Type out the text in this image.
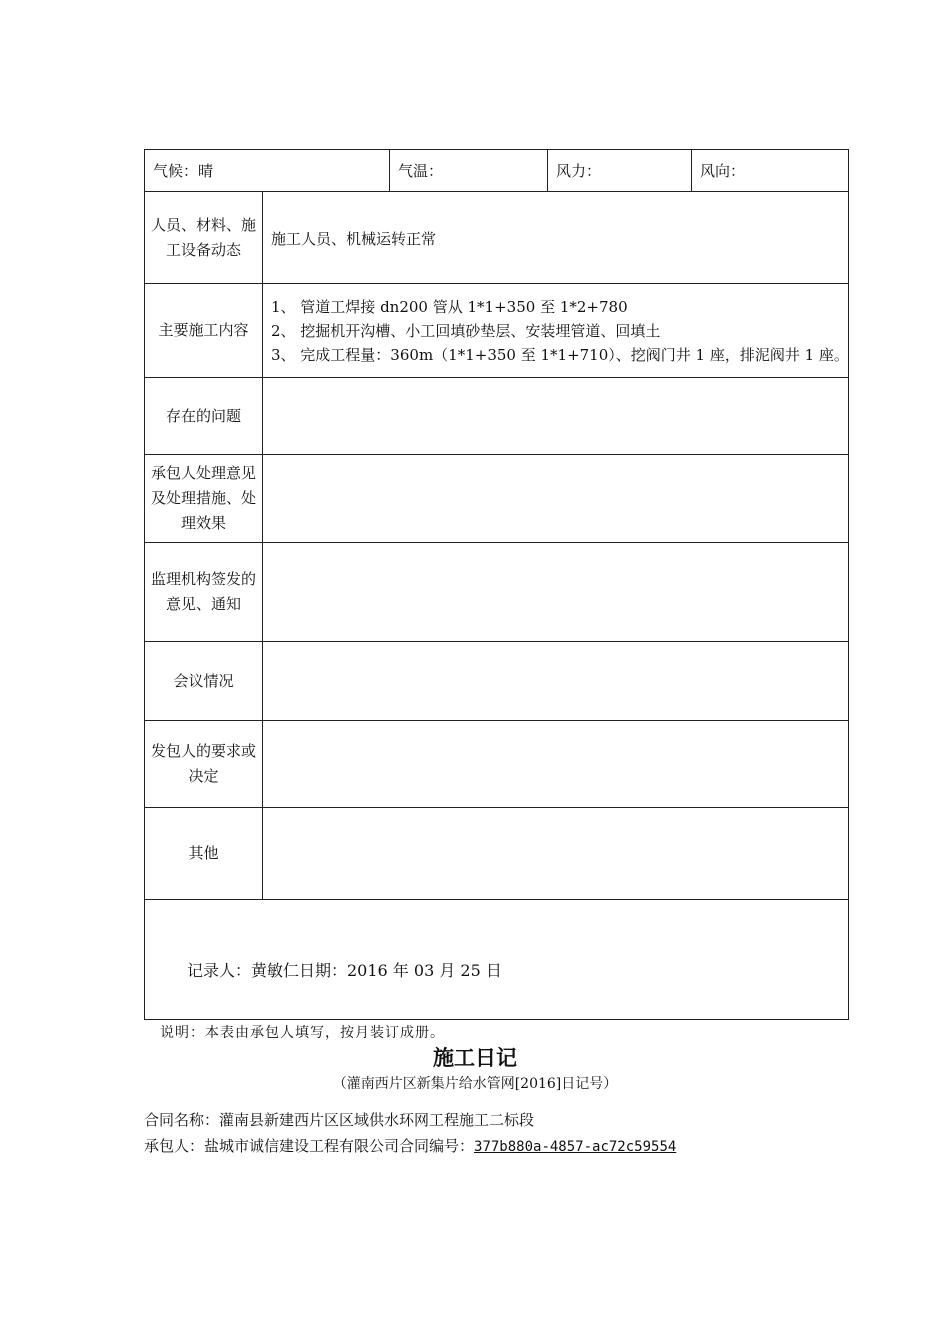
气候：晴		气温：	风力：	风向：
人员、材料、施工设备动态	施工人员、机械运转正常			
主要施工内容	1、 管道工焊接 dn200 管从 1*1+350 至 1*2+780
2、 挖掘机开沟槽、小工回填砂垫层、安装埋管道、回填土
3、 完成工程量：360m（1*1+350 至 1*1+710）、挖阀门井 1 座，排泥阀井 1 座。			

存在的问题				
承包人处理意见及处理措施、处理效果				
监理机构签发的意见、通知				
会议情况				
发包人的要求或决定				
其他				

记录人：黄敏仁日期：2016 年 03 月 25 日				
说明：本表由承包人填写，按月装订成册。
施工日记
（灌南西片区新集片给水管网[2016]日记号）
合同名称：灌南县新建西片区区域供水环网工程施工二标段
承包人：盐城市诚信建设工程有限公司合同编号：377b880a-4857-ac72c59554
